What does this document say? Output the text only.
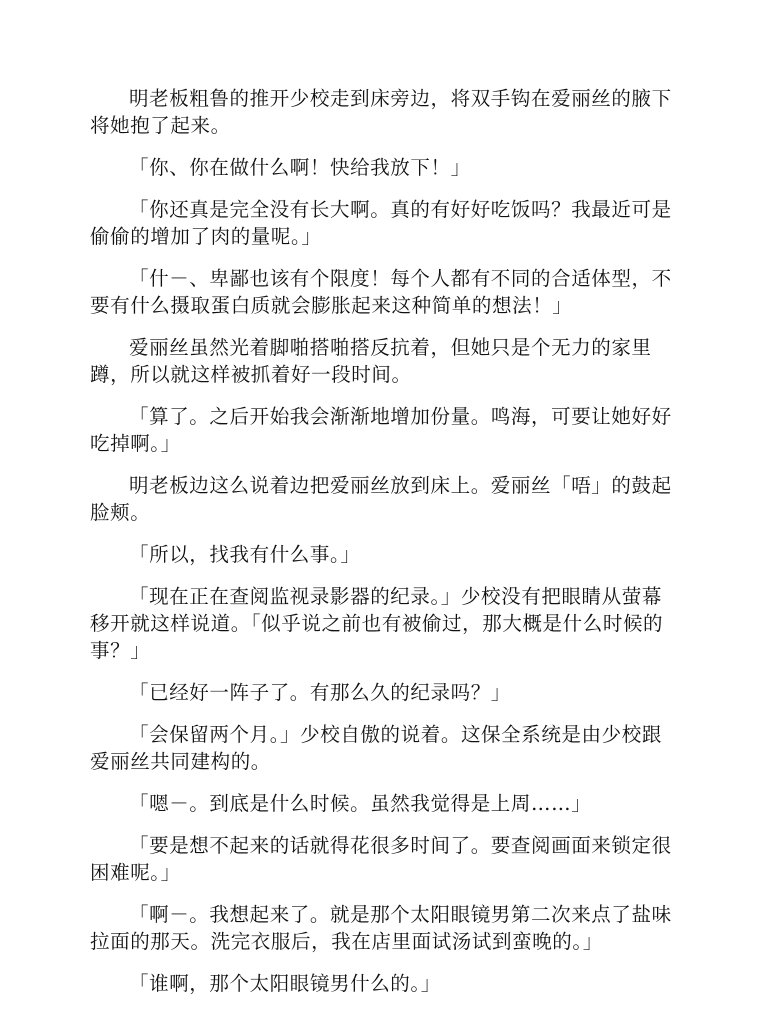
明老板粗鲁的推开少校走到床旁边，将双手钩在爱丽丝的腋下将她抱了起来。

「你、你在做什么啊！快给我放下！」

「你还真是完全没有长大啊。真的有好好吃饭吗？我最近可是偷偷的增加了肉的量呢。」

「什－、卑鄙也该有个限度！每个人都有不同的合适体型，不要有什么摄取蛋白质就会膨胀起来这种简单的想法！」

爱丽丝虽然光着脚啪搭啪搭反抗着，但她只是个无力的家里蹲，所以就这样被抓着好一段时间。

「算了。之后开始我会渐渐地增加份量。鸣海，可要让她好好吃掉啊。」

明老板边这么说着边把爱丽丝放到床上。爱丽丝「唔」的鼓起脸颊。

「所以，找我有什么事。」

「现在正在查阅监视录影器的纪录。」少校没有把眼睛从萤幕移开就这样说道。「似乎说之前也有被偷过，那大概是什么时候的事？」

「已经好一阵子了。有那么久的纪录吗？」

「会保留两个月。」少校自傲的说着。这保全系统是由少校跟爱丽丝共同建构的。

「嗯－。到底是什么时候。虽然我觉得是上周……」

「要是想不起来的话就得花很多时间了。要查阅画面来锁定很困难呢。」

「啊－。我想起来了。就是那个太阳眼镜男第二次来点了盐味拉面的那天。洗完衣服后，我在店里面试汤试到蛮晚的。」

「谁啊，那个太阳眼镜男什么的。」
